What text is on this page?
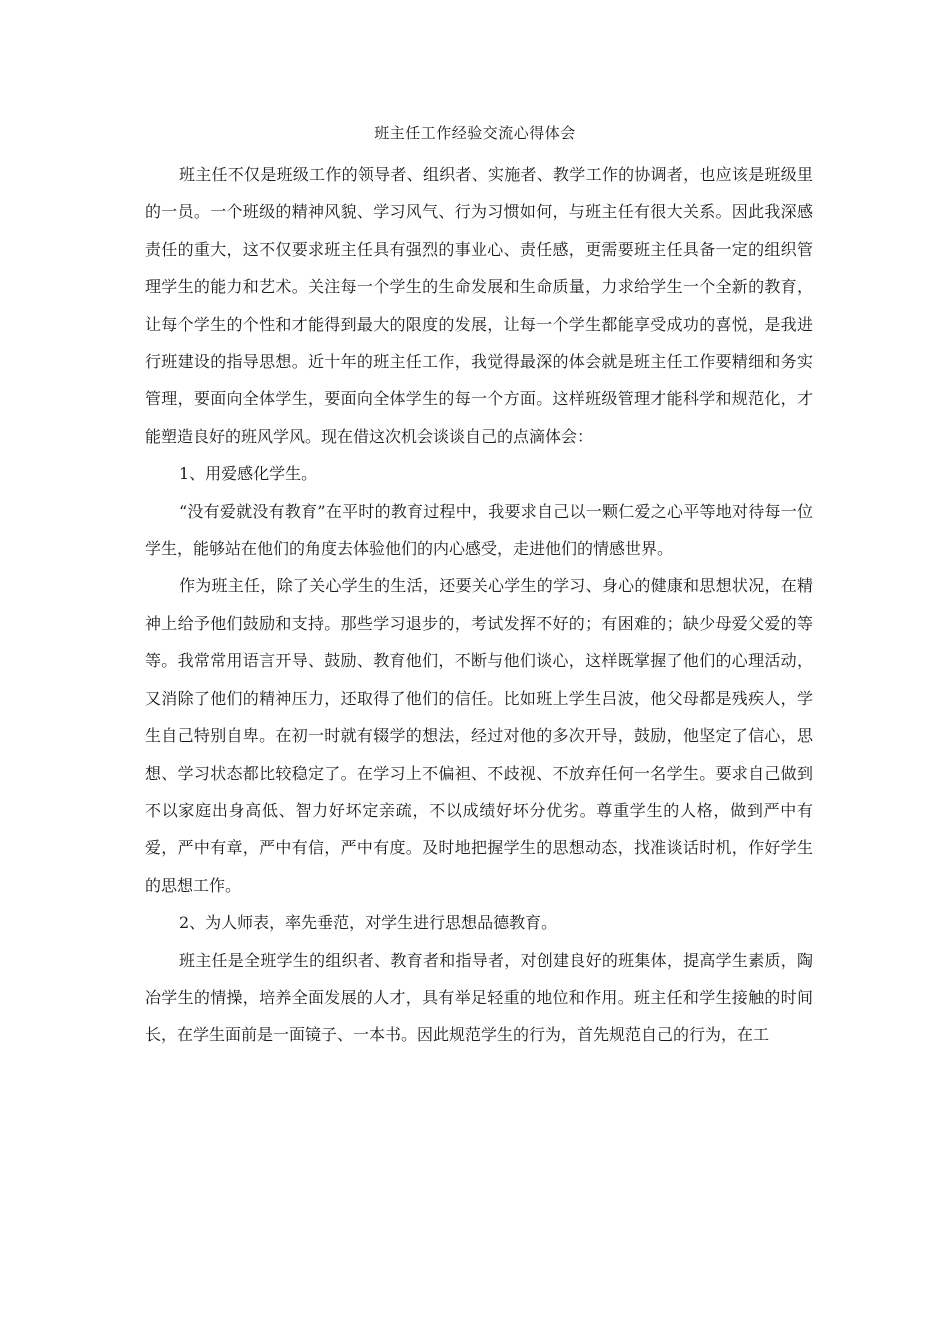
班主任工作经验交流心得体会

班主任不仅是班级工作的领导者、组织者、实施者、教学工作的协调者，也应该是班级里的一员。一个班级的精神风貌、学习风气、行为习惯如何，与班主任有很大关系。因此我深感责任的重大，这不仅要求班主任具有强烈的事业心、责任感，更需要班主任具备一定的组织管理学生的能力和艺术。关注每一个学生的生命发展和生命质量，力求给学生一个全新的教育，让每个学生的个性和才能得到最大的限度的发展，让每一个学生都能享受成功的喜悦，是我进行班建设的指导思想。近十年的班主任工作，我觉得最深的体会就是班主任工作要精细和务实管理，要面向全体学生，要面向全体学生的每一个方面。这样班级管理才能科学和规范化，才能塑造良好的班风学风。现在借这次机会谈谈自己的点滴体会：

1、用爱感化学生。

“没有爱就没有教育”在平时的教育过程中，我要求自己以一颗仁爱之心平等地对待每一位学生，能够站在他们的角度去体验他们的内心感受，走进他们的情感世界。

作为班主任，除了关心学生的生活，还要关心学生的学习、身心的健康和思想状况，在精神上给予他们鼓励和支持。那些学习退步的，考试发挥不好的；有困难的；缺少母爱父爱的等等。我常常用语言开导、鼓励、教育他们，不断与他们谈心，这样既掌握了他们的心理活动，又消除了他们的精神压力，还取得了他们的信任。比如班上学生吕波，他父母都是残疾人，学生自己特别自卑。在初一时就有辍学的想法，经过对他的多次开导，鼓励，他坚定了信心，思想、学习状态都比较稳定了。在学习上不偏袒、不歧视、不放弃任何一名学生。要求自己做到不以家庭出身高低、智力好坏定亲疏，不以成绩好坏分优劣。尊重学生的人格，做到严中有爱，严中有章，严中有信，严中有度。及时地把握学生的思想动态，找准谈话时机，作好学生的思想工作。

2、为人师表，率先垂范，对学生进行思想品德教育。

班主任是全班学生的组织者、教育者和指导者，对创建良好的班集体，提高学生素质，陶冶学生的情操，培养全面发展的人才，具有举足轻重的地位和作用。班主任和学生接触的时间长，在学生面前是一面镜子、一本书。因此规范学生的行为，首先规范自己的行为，在工
